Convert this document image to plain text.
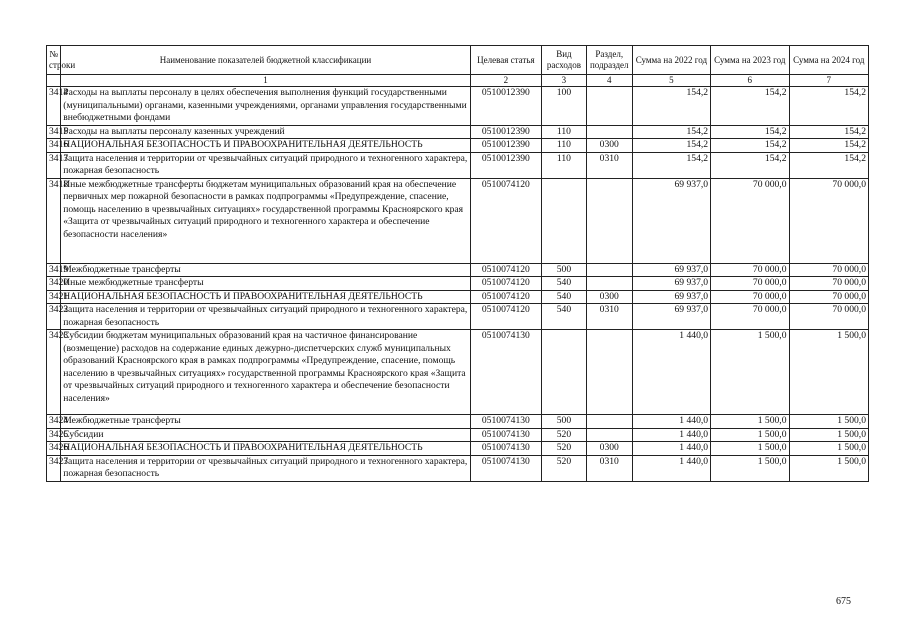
№ строки	Наименование показателей бюджетной классификации	Целевая статья	Вид расходов	Раздел, подраздел	Сумма на 2022 год	Сумма на 2023 год	Сумма на 2024 год
	1	2	3	4	5	6	7
3414	Расходы на выплаты персоналу в целях обеспечения выполнения функций государственными (муниципальными) органами, казенными учреждениями, органами управления государственными внебюджетными фондами	0510012390	100		154,2	154,2	154,2
3415	Расходы на выплаты персоналу казенных учреждений	0510012390	110		154,2	154,2	154,2
3416	НАЦИОНАЛЬНАЯ БЕЗОПАСНОСТЬ И ПРАВООХРАНИТЕЛЬНАЯ ДЕЯТЕЛЬНОСТЬ	0510012390	110	0300	154,2	154,2	154,2
3417	Защита населения и территории от чрезвычайных ситуаций природного и техногенного характера, пожарная безопасность	0510012390	110	0310	154,2	154,2	154,2
3418	Иные межбюджетные трансферты бюджетам муниципальных образований края на обеспечение первичных мер пожарной безопасности в рамках подпрограммы «Предупреждение, спасение, помощь населению в чрезвычайных ситуациях» государственной программы Красноярского края «Защита от чрезвычайных ситуаций природного и техногенного характера и обеспечение безопасности населения»	0510074120			69 937,0	70 000,0	70 000,0
3419	Межбюджетные трансферты	0510074120	500		69 937,0	70 000,0	70 000,0
3420	Иные межбюджетные трансферты	0510074120	540		69 937,0	70 000,0	70 000,0
3421	НАЦИОНАЛЬНАЯ БЕЗОПАСНОСТЬ И ПРАВООХРАНИТЕЛЬНАЯ ДЕЯТЕЛЬНОСТЬ	0510074120	540	0300	69 937,0	70 000,0	70 000,0
3422	Защита населения и территории от чрезвычайных ситуаций природного и техногенного характера, пожарная безопасность	0510074120	540	0310	69 937,0	70 000,0	70 000,0
3423	Субсидии бюджетам муниципальных образований края на частичное финансирование (возмещение) расходов на содержание единых дежурно-диспетчерских служб муниципальных образований Красноярского края в рамках подпрограммы «Предупреждение, спасение, помощь населению в чрезвычайных ситуациях» государственной программы Красноярского края «Защита от чрезвычайных ситуаций природного и техногенного характера и обеспечение безопасности населения»	0510074130			1 440,0	1 500,0	1 500,0
3424	Межбюджетные трансферты	0510074130	500		1 440,0	1 500,0	1 500,0
3425	Субсидии	0510074130	520		1 440,0	1 500,0	1 500,0
3426	НАЦИОНАЛЬНАЯ БЕЗОПАСНОСТЬ И ПРАВООХРАНИТЕЛЬНАЯ ДЕЯТЕЛЬНОСТЬ	0510074130	520	0300	1 440,0	1 500,0	1 500,0
3427	Защита населения и территории от чрезвычайных ситуаций природного и техногенного характера, пожарная безопасность	0510074130	520	0310	1 440,0	1 500,0	1 500,0
675
